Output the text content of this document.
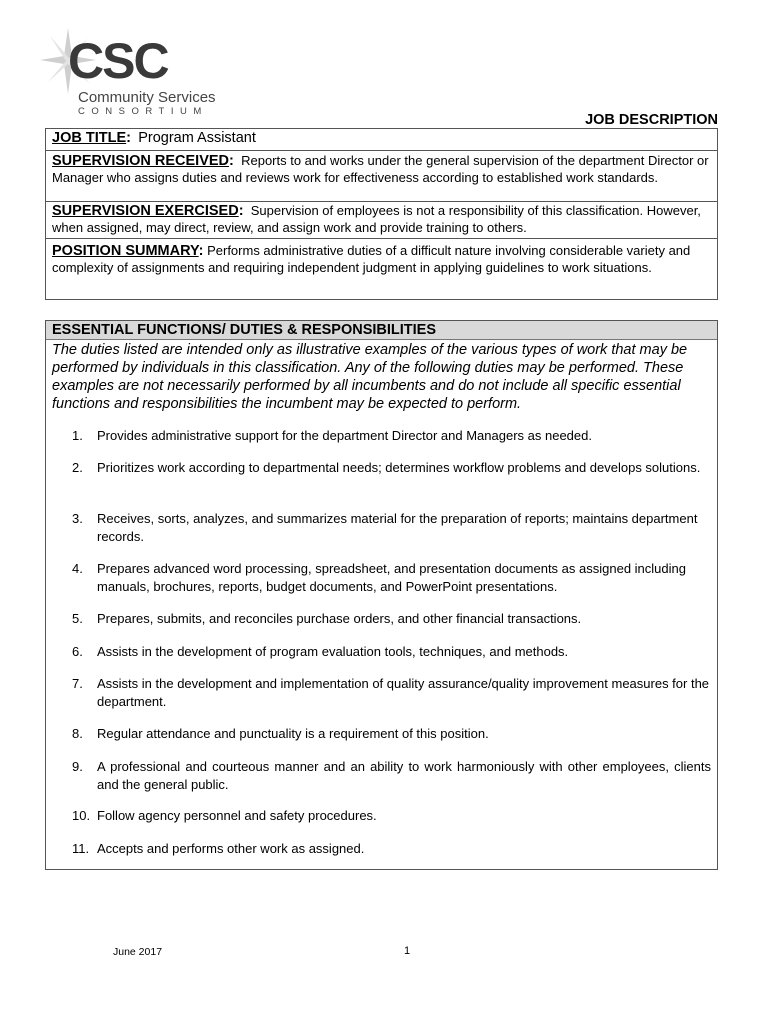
CSC
Community Services
CONSORTIUM
JOB DESCRIPTION
JOB TITLE: Program Assistant
SUPERVISION RECEIVED: Reports to and works under the general supervision of the department Director or Manager who assigns duties and reviews work for effectiveness according to established work standards.
SUPERVISION EXERCISED: Supervision of employees is not a responsibility of this classification. However, when assigned, may direct, review, and assign work and provide training to others.
POSITION SUMMARY: Performs administrative duties of a difficult nature involving considerable variety and complexity of assignments and requiring independent judgment in applying guidelines to work situations.
ESSENTIAL FUNCTIONS/ DUTIES & RESPONSIBILITIES
The duties listed are intended only as illustrative examples of the various types of work that may be performed by individuals in this classification. Any of the following duties may be performed. These examples are not necessarily performed by all incumbents and do not include all specific essential functions and responsibilities the incumbent may be expected to perform.
1.	Provides administrative support for the department Director and Managers as needed.
2.	Prioritizes work according to departmental needs; determines workflow problems and develops solutions.
3.	Receives, sorts, analyzes, and summarizes material for the preparation of reports; maintains department records.
4.	Prepares advanced word processing, spreadsheet, and presentation documents as assigned including manuals, brochures, reports, budget documents, and PowerPoint presentations.
5.	Prepares, submits, and reconciles purchase orders, and other financial transactions.
6.	Assists in the development of program evaluation tools, techniques, and methods.
7.	Assists in the development and implementation of quality assurance/quality improvement measures for the department.
8.	Regular attendance and punctuality is a requirement of this position.
9.	A professional and courteous manner and an ability to work harmoniously with other employees, clients and the general public.
10. Follow agency personnel and safety procedures.
11. Accepts and performs other work as assigned.
June 2017	1
